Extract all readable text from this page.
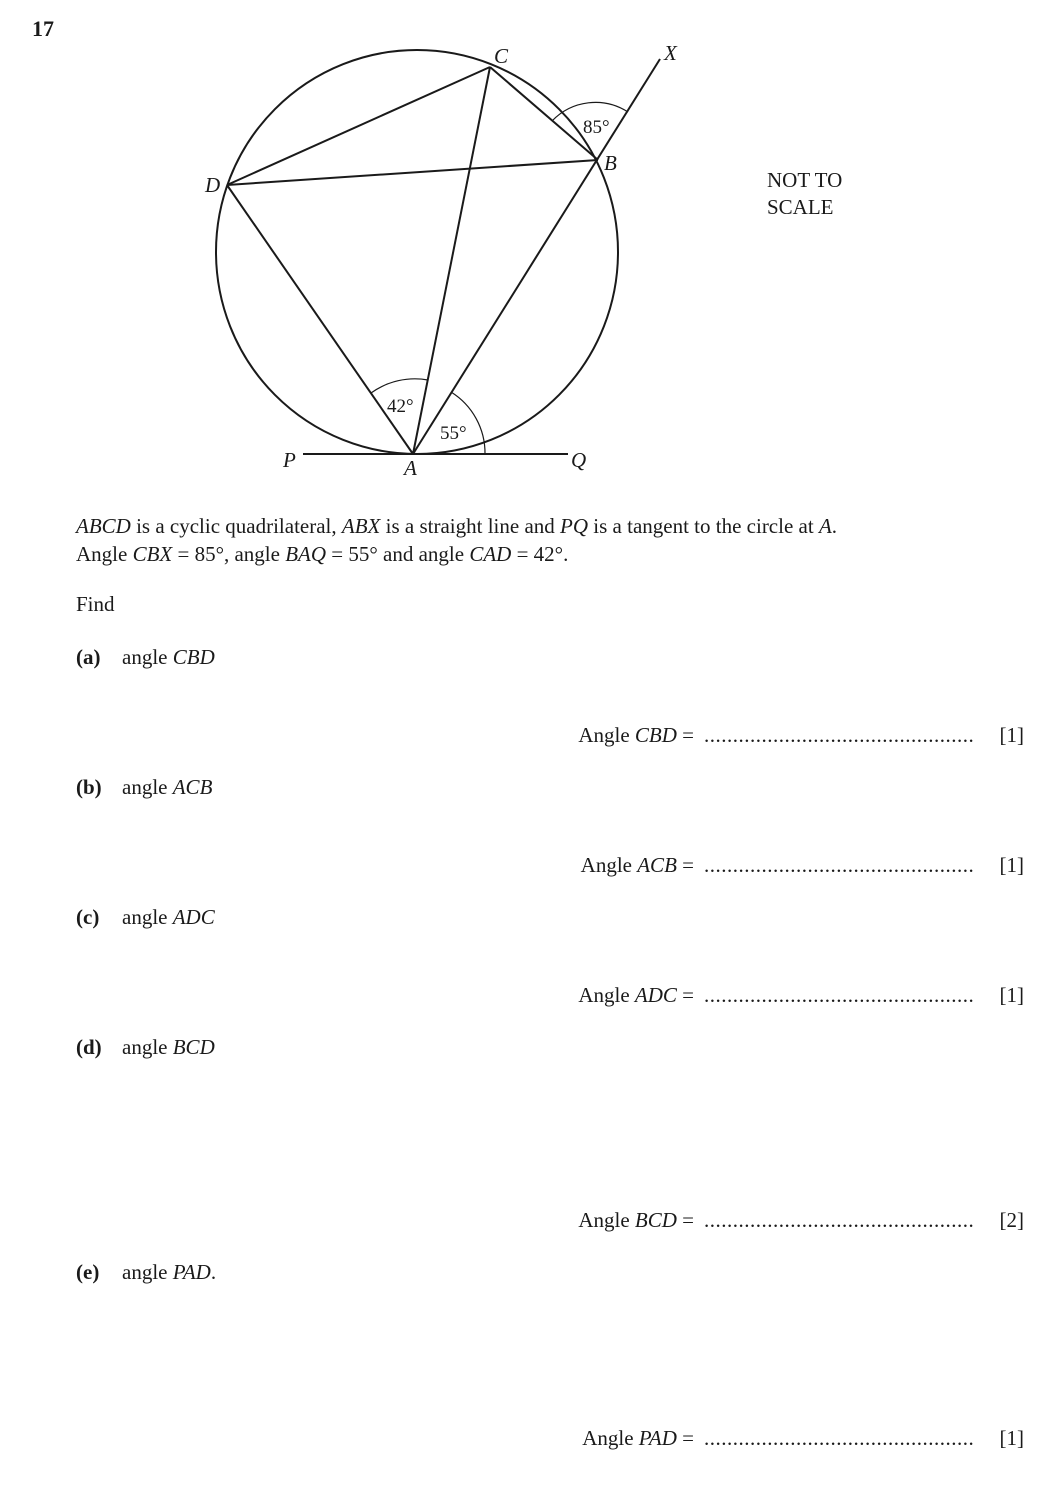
17
C	X
B
D
P	A	Q
85°
42°
55°
NOT TO
SCALE
ABCD is a cyclic quadrilateral, ABX is a straight line and PQ is a tangent to the circle at A.
Angle CBX = 85°, angle BAQ = 55° and angle CAD = 42°.
Find
(a) angle CBD
Angle CBD = ............................................... [1]
(b) angle ACB
Angle ACB = ............................................... [1]
(c) angle ADC
Angle ADC = ............................................... [1]
(d) angle BCD
Angle BCD = ............................................... [2]
(e) angle PAD.
Angle PAD = ............................................... [1]
